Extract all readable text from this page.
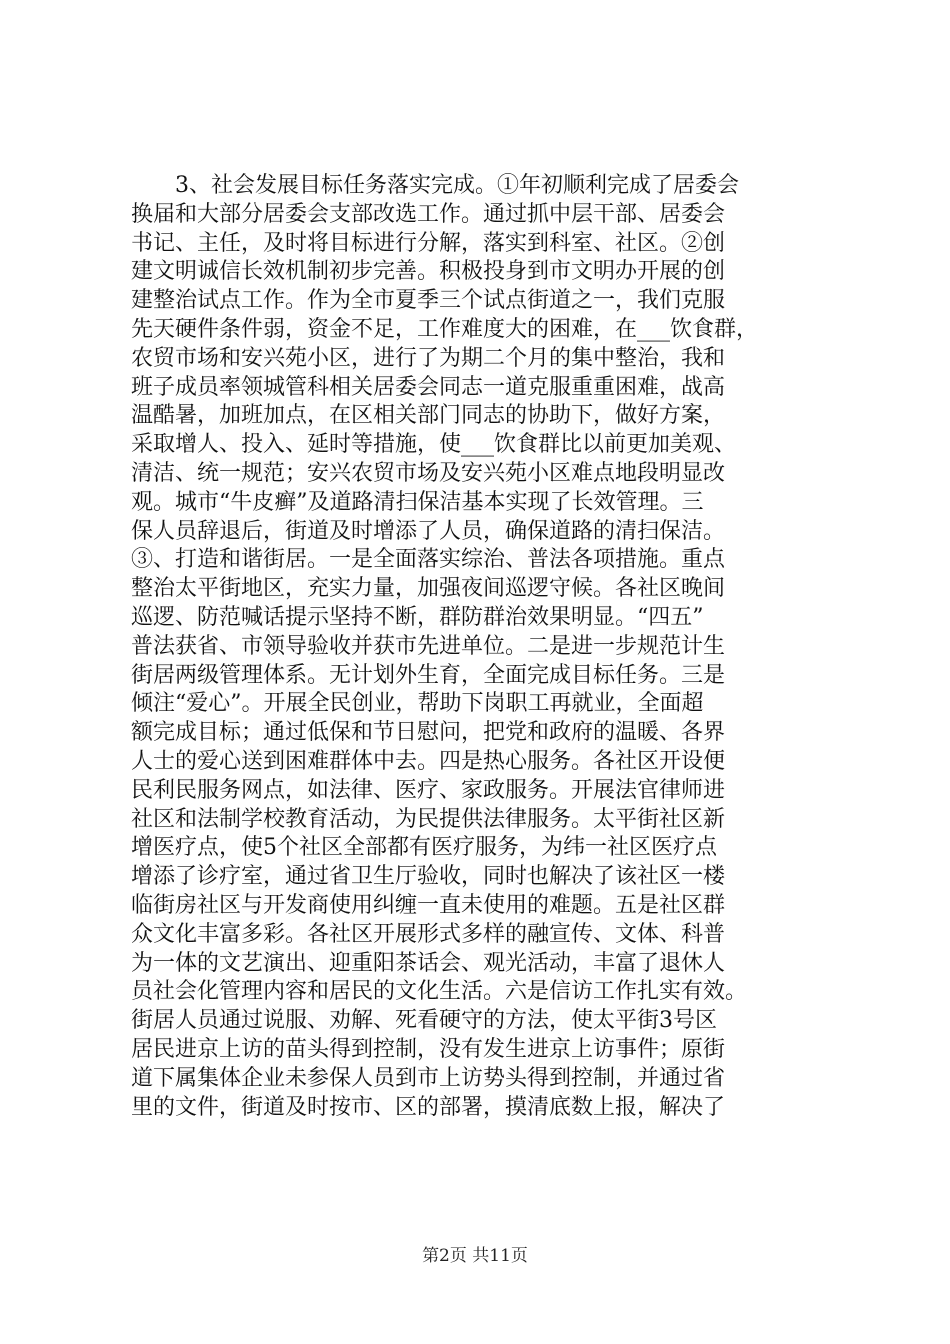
　　3、社会发展目标任务落实完成。①年初顺利完成了居委会
换届和大部分居委会支部改选工作。通过抓中层干部、居委会
书记、主任，及时将目标进行分解，落实到科室、社区。②创
建文明诚信长效机制初步完善。积极投身到市文明办开展的创
建整治试点工作。作为全市夏季三个试点街道之一，我们克服
先天硬件条件弱，资金不足，工作难度大的困难，在___饮食群，
农贸市场和安兴苑小区，进行了为期二个月的集中整治，我和
班子成员率领城管科相关居委会同志一道克服重重困难，战高
温酷暑，加班加点，在区相关部门同志的协助下，做好方案，
采取增人、投入、延时等措施，使___饮食群比以前更加美观、
清洁、统一规范；安兴农贸市场及安兴苑小区难点地段明显改
观。城市“牛皮癣”及道路清扫保洁基本实现了长效管理。三
保人员辞退后，街道及时增添了人员，确保道路的清扫保洁。
③、打造和谐街居。一是全面落实综治、普法各项措施。重点
整治太平街地区，充实力量，加强夜间巡逻守候。各社区晚间
巡逻、防范喊话提示坚持不断，群防群治效果明显。“四五”
普法获省、市领导验收并获市先进单位。二是进一步规范计生
街居两级管理体系。无计划外生育，全面完成目标任务。三是
倾注“爱心”。开展全民创业，帮助下岗职工再就业，全面超
额完成目标；通过低保和节日慰问，把党和政府的温暖、各界
人士的爱心送到困难群体中去。四是热心服务。各社区开设便
民利民服务网点，如法律、医疗、家政服务。开展法官律师进
社区和法制学校教育活动，为民提供法律服务。太平街社区新
增医疗点，使5个社区全部都有医疗服务，为纬一社区医疗点
增添了诊疗室，通过省卫生厅验收，同时也解决了该社区一楼
临街房社区与开发商使用纠缠一直未使用的难题。五是社区群
众文化丰富多彩。各社区开展形式多样的融宣传、文体、科普
为一体的文艺演出、迎重阳茶话会、观光活动，丰富了退休人
员社会化管理内容和居民的文化生活。六是信访工作扎实有效。
街居人员通过说服、劝解、死看硬守的方法，使太平街3号区
居民进京上访的苗头得到控制，没有发生进京上访事件；原街
道下属集体企业未参保人员到市上访势头得到控制，并通过省
里的文件，街道及时按市、区的部署，摸清底数上报，解决了
第2页 共11页
